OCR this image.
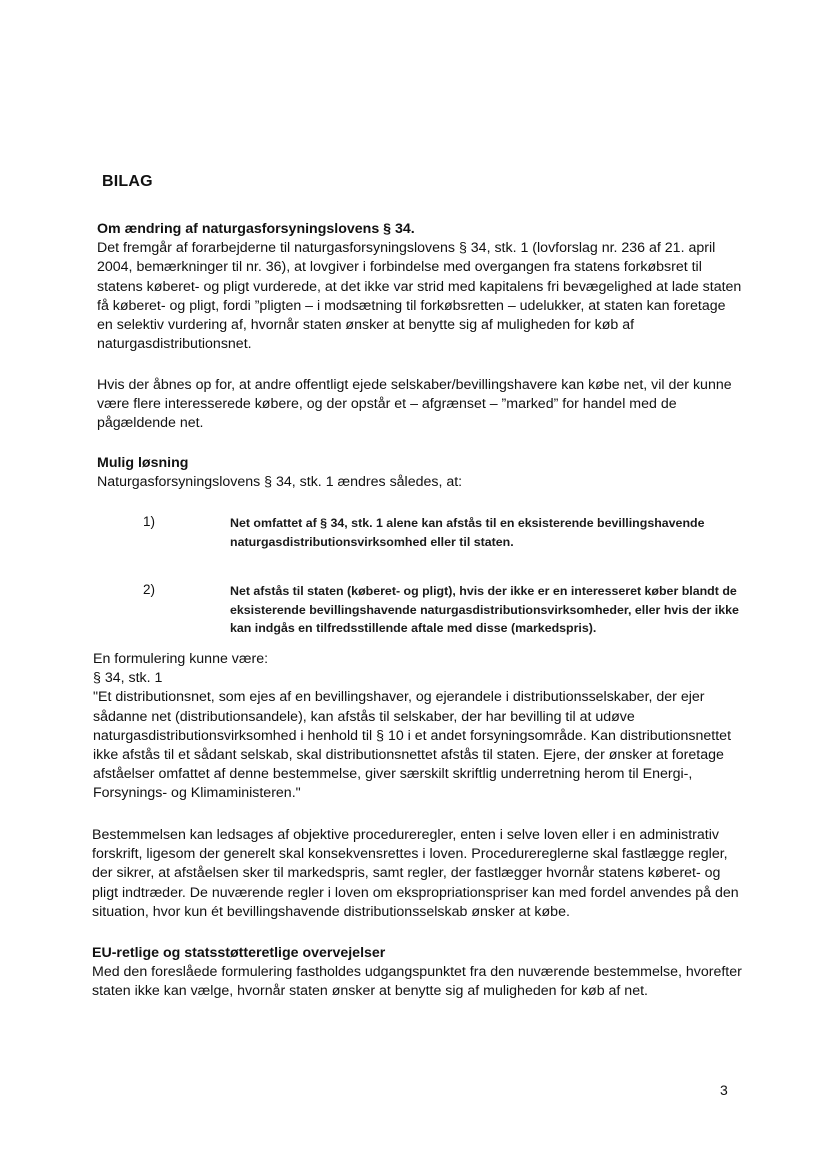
BILAG
Om ændring af naturgasforsyningslovens § 34.
Det fremgår af forarbejderne til naturgasforsyningslovens § 34, stk. 1 (lovforslag nr. 236 af 21. april 2004, bemærkninger til nr. 36), at lovgiver i forbindelse med overgangen fra statens forkøbsret til statens køberet- og pligt vurderede, at det ikke var strid med kapitalens fri bevægelighed at lade staten få køberet- og pligt, fordi ”pligten – i modsætning til forkøbsretten – udelukker, at staten kan foretage en selektiv vurdering af, hvornår staten ønsker at benytte sig af muligheden for køb af naturgasdistributionsnet.
Hvis der åbnes op for, at andre offentligt ejede selskaber/bevillingshavere kan købe net, vil der kunne være flere interesserede købere, og der opstår et – afgrænset – ”marked” for handel med de pågældende net.
Mulig løsning
Naturgasforsyningslovens § 34, stk. 1 ændres således, at:
1)	Net omfattet af § 34, stk. 1 alene kan afstås til en eksisterende bevillingshavende naturgasdistributionsvirksomhed eller til staten.
2)	Net afstås til staten (køberet- og pligt), hvis der ikke er en interesseret køber blandt de eksisterende bevillingshavende naturgasdistributionsvirksomheder, eller hvis der ikke kan indgås en tilfredsstillende aftale med disse (markedspris).
En formulering kunne være:
§ 34, stk. 1
"Et distributionsnet, som ejes af en bevillingshaver, og ejerandele i distributionsselskaber, der ejer sådanne net (distributionsandele), kan afstås til selskaber, der har bevilling til at udøve naturgasdistributionsvirksomhed i henhold til § 10 i et andet forsyningsområde. Kan distributionsnettet ikke afstås til et sådant selskab, skal distributionsnettet afstås til staten. Ejere, der ønsker at foretage afståelser omfattet af denne bestemmelse, giver særskilt skriftlig underretning herom til Energi-, Forsynings- og Klimaministeren."
Bestemmelsen kan ledsages af objektive procedureregler, enten i selve loven eller i en administrativ forskrift, ligesom der generelt skal konsekvensrettes i loven. Procedurereglerne skal fastlægge regler, der sikrer, at afståelsen sker til markedspris, samt regler, der fastlægger hvornår statens køberet- og pligt indtræder. De nuværende regler i loven om ekspropriationspriser kan med fordel anvendes på den situation, hvor kun ét bevillingshavende distributionsselskab ønsker at købe.
EU-retlige og statsstøtteretlige overvejelser
Med den foreslåede formulering fastholdes udgangspunktet fra den nuværende bestemmelse, hvorefter staten ikke kan vælge, hvornår staten ønsker at benytte sig af muligheden for køb af net.
3
